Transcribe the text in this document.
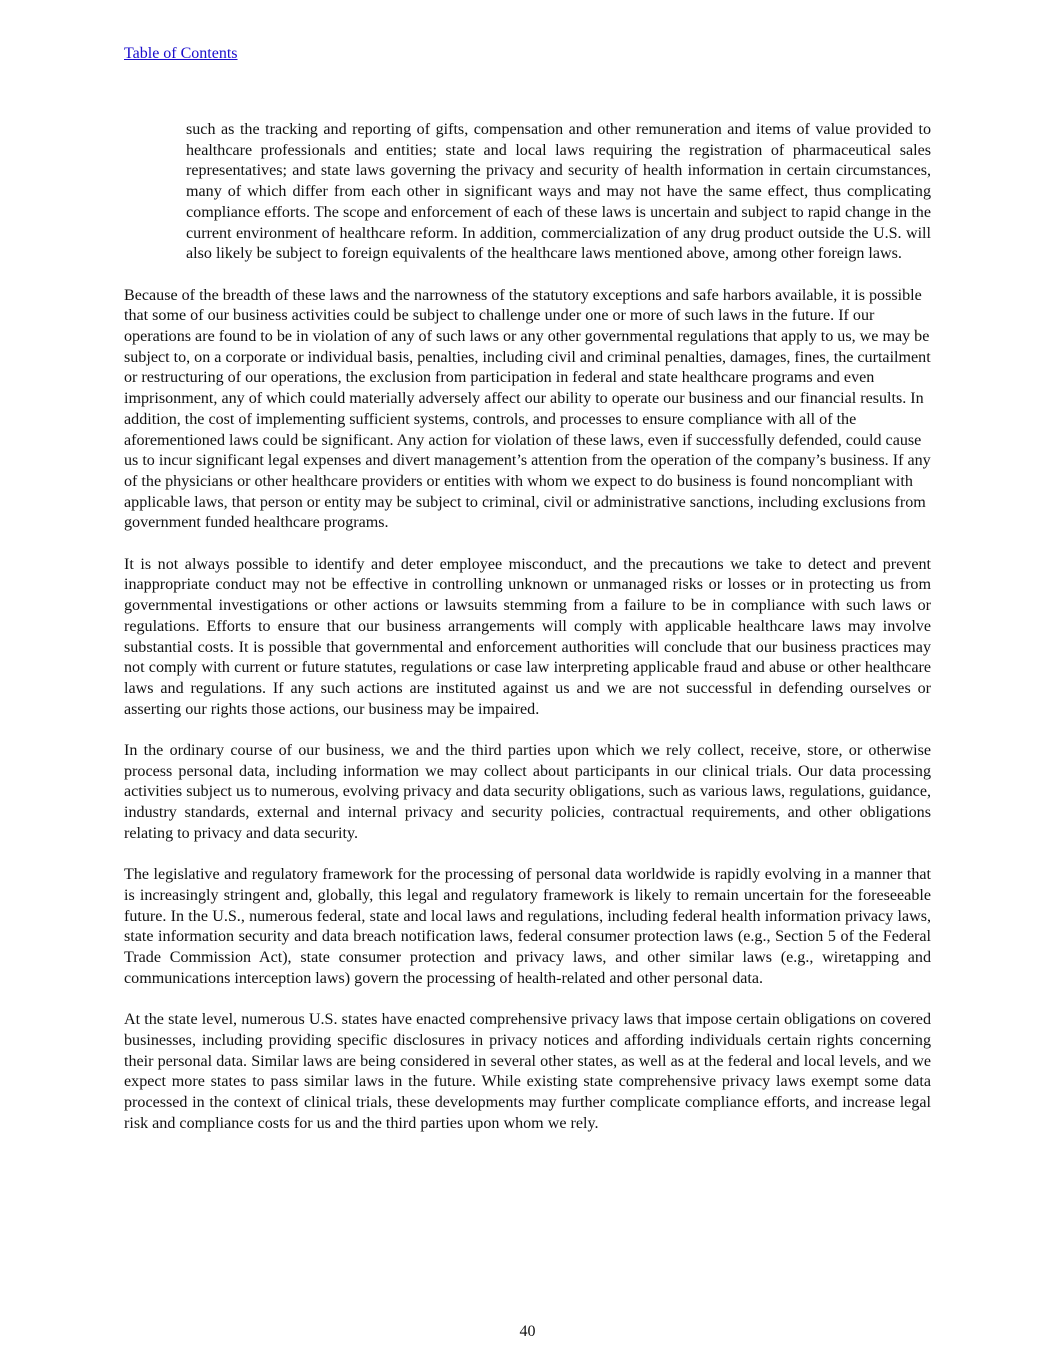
Table of Contents

such as the tracking and reporting of gifts, compensation and other remuneration and items of value provided to healthcare professionals and entities; state and local laws requiring the registration of pharmaceutical sales representatives; and state laws governing the privacy and security of health information in certain circumstances, many of which differ from each other in significant ways and may not have the same effect, thus complicating compliance efforts. The scope and enforcement of each of these laws is uncertain and subject to rapid change in the current environment of healthcare reform. In addition, commercialization of any drug product outside the U.S. will also likely be subject to foreign equivalents of the healthcare laws mentioned above, among other foreign laws.

Because of the breadth of these laws and the narrowness of the statutory exceptions and safe harbors available, it is possible that some of our business activities could be subject to challenge under one or more of such laws in the future. If our operations are found to be in violation of any of such laws or any other governmental regulations that apply to us, we may be subject to, on a corporate or individual basis, penalties, including civil and criminal penalties, damages, fines, the curtailment or restructuring of our operations, the exclusion from participation in federal and state healthcare programs and even imprisonment, any of which could materially adversely affect our ability to operate our business and our financial results. In addition, the cost of implementing sufficient systems, controls, and processes to ensure compliance with all of the aforementioned laws could be significant. Any action for violation of these laws, even if successfully defended, could cause us to incur significant legal expenses and divert management’s attention from the operation of the company’s business. If any of the physicians or other healthcare providers or entities with whom we expect to do business is found noncompliant with applicable laws, that person or entity may be subject to criminal, civil or administrative sanctions, including exclusions from government funded healthcare programs.

It is not always possible to identify and deter employee misconduct, and the precautions we take to detect and prevent inappropriate conduct may not be effective in controlling unknown or unmanaged risks or losses or in protecting us from governmental investigations or other actions or lawsuits stemming from a failure to be in compliance with such laws or regulations. Efforts to ensure that our business arrangements will comply with applicable healthcare laws may involve substantial costs. It is possible that governmental and enforcement authorities will conclude that our business practices may not comply with current or future statutes, regulations or case law interpreting applicable fraud and abuse or other healthcare laws and regulations. If any such actions are instituted against us and we are not successful in defending ourselves or asserting our rights those actions, our business may be impaired.

In the ordinary course of our business, we and the third parties upon which we rely collect, receive, store, or otherwise process personal data, including information we may collect about participants in our clinical trials. Our data processing activities subject us to numerous, evolving privacy and data security obligations, such as various laws, regulations, guidance, industry standards, external and internal privacy and security policies, contractual requirements, and other obligations relating to privacy and data security.

The legislative and regulatory framework for the processing of personal data worldwide is rapidly evolving in a manner that is increasingly stringent and, globally, this legal and regulatory framework is likely to remain uncertain for the foreseeable future. In the U.S., numerous federal, state and local laws and regulations, including federal health information privacy laws, state information security and data breach notification laws, federal consumer protection laws (e.g., Section 5 of the Federal Trade Commission Act), state consumer protection and privacy laws, and other similar laws (e.g., wiretapping and communications interception laws) govern the processing of health-related and other personal data.

At the state level, numerous U.S. states have enacted comprehensive privacy laws that impose certain obligations on covered businesses, including providing specific disclosures in privacy notices and affording individuals certain rights concerning their personal data. Similar laws are being considered in several other states, as well as at the federal and local levels, and we expect more states to pass similar laws in the future. While existing state comprehensive privacy laws exempt some data processed in the context of clinical trials, these developments may further complicate compliance efforts, and increase legal risk and compliance costs for us and the third parties upon whom we rely.

40
